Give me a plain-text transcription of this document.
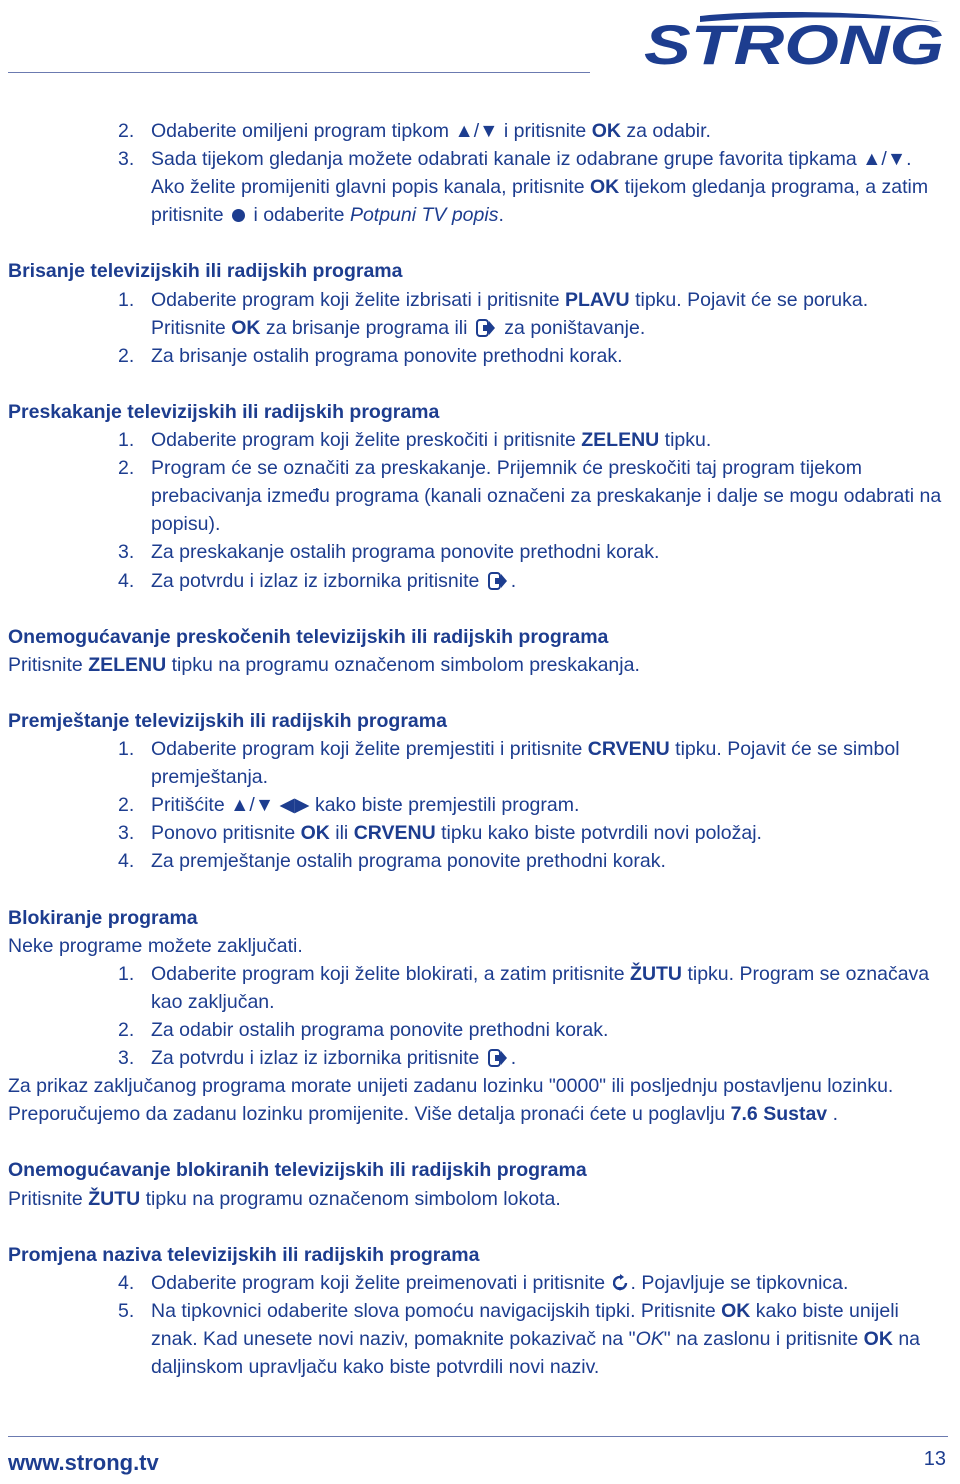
STRONG
2. Odaberite omiljeni program tipkom ▲/▼ i pritisnite OK za odabir.
3. Sada tijekom gledanja možete odabrati kanale iz odabrane grupe favorita tipkama ▲/▼. Ako želite promijeniti glavni popis kanala, pritisnite OK tijekom gledanja programa, a zatim pritisnite  i odaberite Potpuni TV popis.
Brisanje televizijskih ili radijskih programa
1. Odaberite program koji želite izbrisati i pritisnite PLAVU tipku. Pojavit će se poruka. Pritisnite OK za brisanje programa ili  za poništavanje.
2. Za brisanje ostalih programa ponovite prethodni korak.
Preskakanje televizijskih ili radijskih programa
1. Odaberite program koji želite preskočiti i pritisnite ZELENU tipku.
2. Program će se označiti za preskakanje. Prijemnik će preskočiti taj program tijekom prebacivanja između programa (kanali označeni za preskakanje i dalje se mogu odabrati na popisu).
3. Za preskakanje ostalih programa ponovite prethodni korak.
4. Za potvrdu i izlaz iz izbornika pritisnite .
Onemogućavanje preskočenih televizijskih ili radijskih programa
Pritisnite ZELENU tipku na programu označenom simbolom preskakanja.
Premještanje televizijskih ili radijskih programa
1. Odaberite program koji želite premjestiti i pritisnite CRVENU tipku. Pojavit će se simbol premještanja.
2. Pritišćite ▲/▼ ◀▶ kako biste premjestili program.
3. Ponovo pritisnite OK ili CRVENU tipku kako biste potvrdili novi položaj.
4. Za premještanje ostalih programa ponovite prethodni korak.
Blokiranje programa
Neke programe možete zaključati.
1. Odaberite program koji želite blokirati, a zatim pritisnite ŽUTU tipku. Program se označava kao zaključan.
2. Za odabir ostalih programa ponovite prethodni korak.
3. Za potvrdu i izlaz iz izbornika pritisnite .
Za prikaz zaključanog programa morate unijeti zadanu lozinku "0000" ili posljednju postavljenu lozinku. Preporučujemo da zadanu lozinku promijenite. Više detalja pronaći ćete u poglavlju 7.6 Sustav .
Onemogućavanje blokiranih televizijskih ili radijskih programa
Pritisnite ŽUTU tipku na programu označenom simbolom lokota.
Promjena naziva televizijskih ili radijskih programa
4. Odaberite program koji želite preimenovati i pritisnite . Pojavljuje se tipkovnica.
5. Na tipkovnici odaberite slova pomoću navigacijskih tipki. Pritisnite OK kako biste unijeli znak. Kad unesete novi naziv, pomaknite pokazivač na "OK" na zaslonu i pritisnite OK na daljinskom upravljaču kako biste potvrdili novi naziv.
www.strong.tv	13
